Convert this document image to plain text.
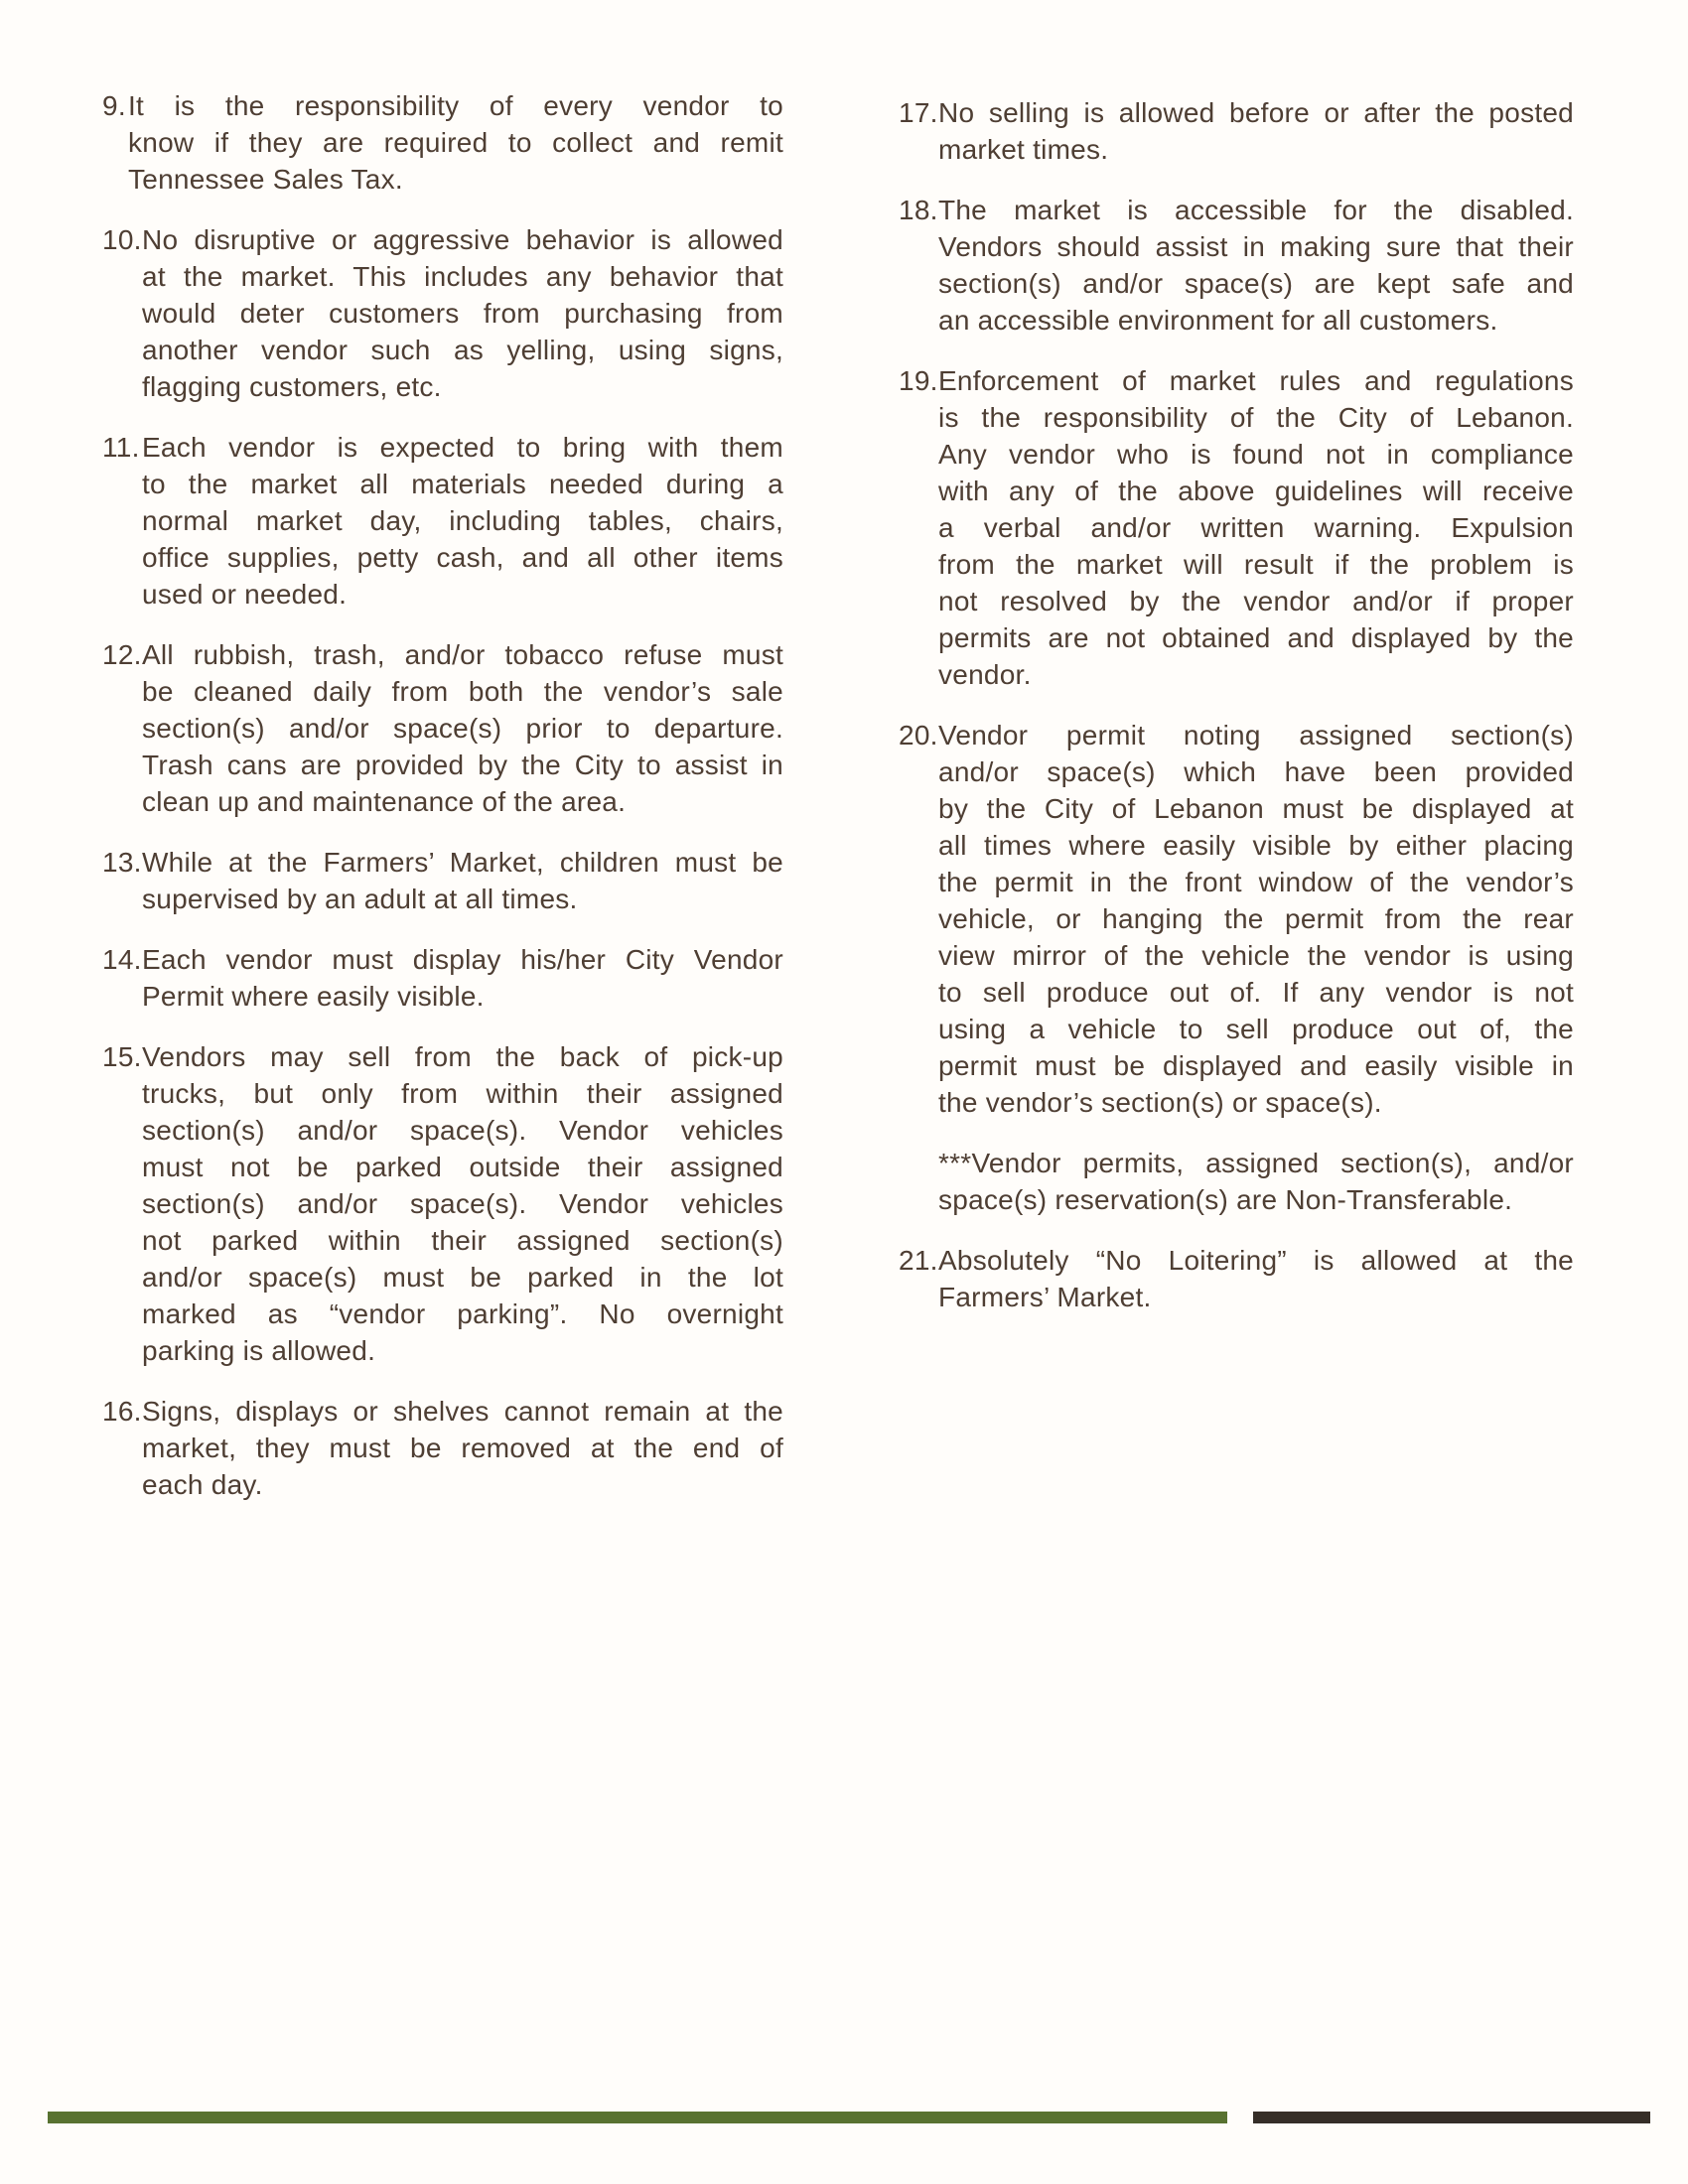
9. It is the responsibility of every vendor to
know if they are required to collect and remit
Tennessee Sales Tax.
10. No disruptive or aggressive behavior is allowed
at the market. This includes any behavior that
would deter customers from purchasing from
another vendor such as yelling, using signs,
flagging customers, etc.
11. Each vendor is expected to bring with them
to the market all materials needed during a
normal market day, including tables, chairs,
office supplies, petty cash, and all other items
used or needed.
12. All rubbish, trash, and/or tobacco refuse must
be cleaned daily from both the vendor’s sale
section(s) and/or space(s) prior to departure.
Trash cans are provided by the City to assist in
clean up and maintenance of the area.
13. While at the Farmers’ Market, children must be
supervised by an adult at all times.
14. Each vendor must display his/her City Vendor
Permit where easily visible.
15. Vendors may sell from the back of pick-up
trucks, but only from within their assigned
section(s) and/or space(s). Vendor vehicles
must not be parked outside their assigned
section(s) and/or space(s). Vendor vehicles
not parked within their assigned section(s)
and/or space(s) must be parked in the lot
marked as “vendor parking”. No overnight
parking is allowed.
16. Signs, displays or shelves cannot remain at the
market, they must be removed at the end of
each day.
17. No selling is allowed before or after the posted
market times.
18. The market is accessible for the disabled.
Vendors should assist in making sure that their
section(s) and/or space(s) are kept safe and
an accessible environment for all customers.
19. Enforcement of market rules and regulations
is the responsibility of the City of Lebanon.
Any vendor who is found not in compliance
with any of the above guidelines will receive
a verbal and/or written warning. Expulsion
from the market will result if the problem is
not resolved by the vendor and/or if proper
permits are not obtained and displayed by the
vendor.
20. Vendor permit noting assigned section(s)
and/or space(s) which have been provided
by the City of Lebanon must be displayed at
all times where easily visible by either placing
the permit in the front window of the vendor’s
vehicle, or hanging the permit from the rear
view mirror of the vehicle the vendor is using
to sell produce out of. If any vendor is not
using a vehicle to sell produce out of, the
permit must be displayed and easily visible in
the vendor’s section(s) or space(s).
***Vendor permits, assigned section(s), and/or
space(s) reservation(s) are Non-Transferable.
21. Absolutely “No Loitering” is allowed at the
Farmers’ Market.
